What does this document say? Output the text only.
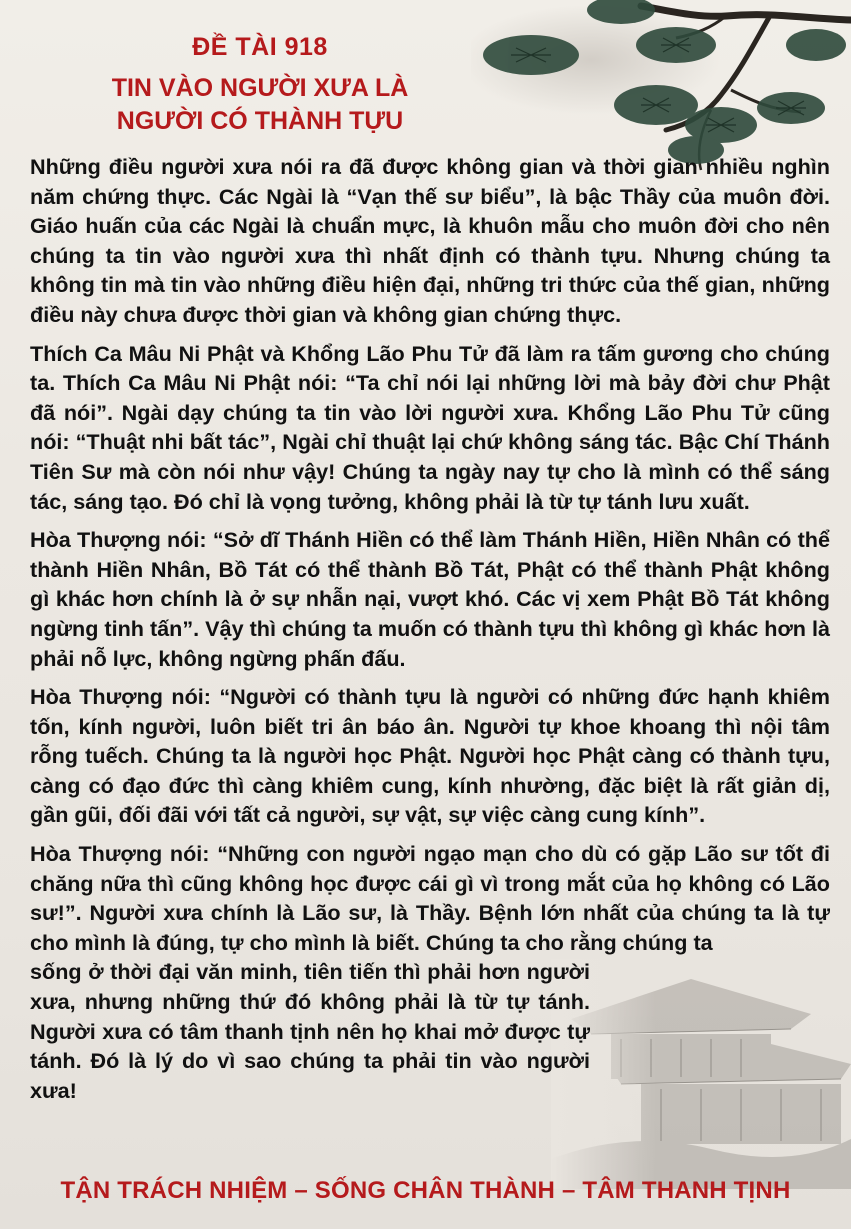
ĐỀ TÀI 918
TIN VÀO NGƯỜI XƯA LÀ
NGƯỜI CÓ THÀNH TỰU

Những điều người xưa nói ra đã được không gian và thời gian nhiều nghìn năm chứng thực. Các Ngài là “Vạn thế sư biểu”, là bậc Thầy của muôn đời. Giáo huấn của các Ngài là chuẩn mực, là khuôn mẫu cho muôn đời cho nên chúng ta tin vào người xưa thì nhất định có thành tựu. Nhưng chúng ta không tin mà tin vào những điều hiện đại, những tri thức của thế gian, những điều này chưa được thời gian và không gian chứng thực.

Thích Ca Mâu Ni Phật và Khổng Lão Phu Tử đã làm ra tấm gương cho chúng ta. Thích Ca Mâu Ni Phật nói: “Ta chỉ nói lại những lời mà bảy đời chư Phật đã nói”. Ngài dạy chúng ta tin vào lời người xưa. Khổng Lão Phu Tử cũng nói: “Thuật nhi bất tác”, Ngài chỉ thuật lại chứ không sáng tác. Bậc Chí Thánh Tiên Sư mà còn nói như vậy! Chúng ta ngày nay tự cho là mình có thể sáng tác, sáng tạo. Đó chỉ là vọng tưởng, không phải là từ tự tánh lưu xuất.

Hòa Thượng nói: “Sở dĩ Thánh Hiền có thể làm Thánh Hiền, Hiền Nhân có thể thành Hiền Nhân, Bồ Tát có thể thành Bồ Tát, Phật có thể thành Phật không gì khác hơn chính là ở sự nhẫn nại, vượt khó. Các vị xem Phật Bồ Tát không ngừng tinh tấn”. Vậy thì chúng ta muốn có thành tựu thì không gì khác hơn là phải nỗ lực, không ngừng phấn đấu.

Hòa Thượng nói: “Người có thành tựu là người có những đức hạnh khiêm tốn, kính người, luôn biết tri ân báo ân. Người tự khoe khoang thì nội tâm rỗng tuếch. Chúng ta là người học Phật. Người học Phật càng có thành tựu, càng có đạo đức thì càng khiêm cung, kính nhường, đặc biệt là rất giản dị, gần gũi, đối đãi với tất cả người, sự vật, sự việc càng cung kính”.

Hòa Thượng nói: “Những con người ngạo mạn cho dù có gặp Lão sư tốt đi chăng nữa thì cũng không học được cái gì vì trong mắt của họ không có Lão sư!”. Người xưa chính là Lão sư, là Thầy. Bệnh lớn nhất của chúng ta là tự cho mình là đúng, tự cho mình là biết. Chúng ta cho rằng chúng ta

sống ở thời đại văn minh, tiên tiến thì phải hơn người xưa, nhưng những thứ đó không phải là từ tự tánh. Người xưa có tâm thanh tịnh nên họ khai mở được tự tánh. Đó là lý do vì sao chúng ta phải tin vào người xưa!

TẬN TRÁCH NHIỆM – SỐNG CHÂN THÀNH – TÂM THANH TỊNH
